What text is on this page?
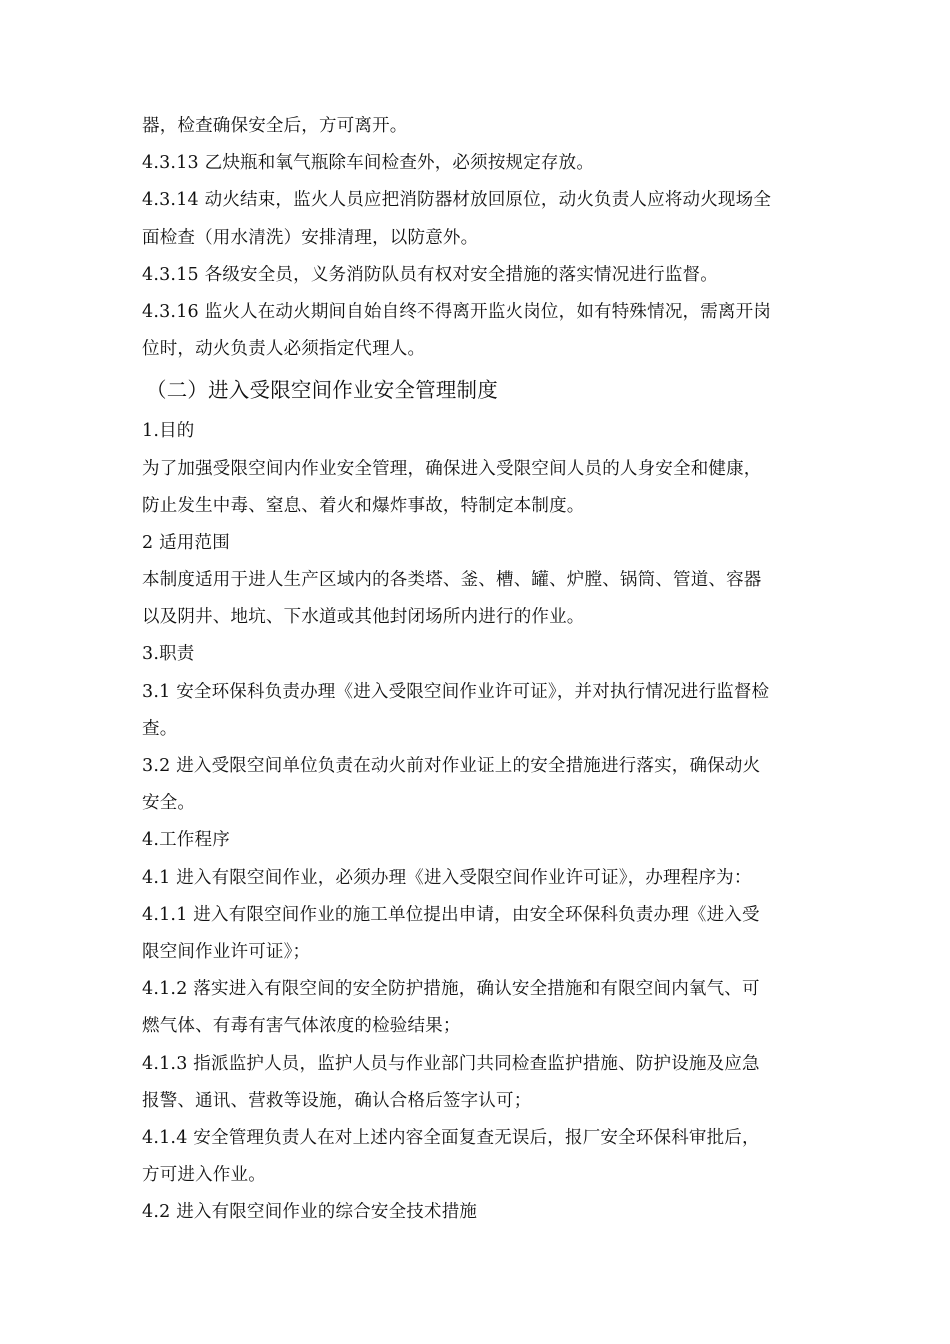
器，检查确保安全后，方可离开。
4.3.13 乙炔瓶和氧气瓶除车间检查外，必须按规定存放。
4.3.14 动火结束，监火人员应把消防器材放回原位，动火负责人应将动火现场全
面检查（用水清洗）安排清理，以防意外。
4.3.15 各级安全员，义务消防队员有权对安全措施的落实情况进行监督。
4.3.16 监火人在动火期间自始自终不得离开监火岗位，如有特殊情况，需离开岗
位时，动火负责人必须指定代理人。
（二）进入受限空间作业安全管理制度
1.目的
为了加强受限空间内作业安全管理，确保进入受限空间人员的人身安全和健康，
防止发生中毒、窒息、着火和爆炸事故，特制定本制度。
2 适用范围
本制度适用于进人生产区域内的各类塔、釜、槽、罐、炉膛、锅筒、管道、容器
以及阴井、地坑、下水道或其他封闭场所内进行的作业。
3.职责
3.1 安全环保科负责办理《进入受限空间作业许可证》，并对执行情况进行监督检
查。
3.2 进入受限空间单位负责在动火前对作业证上的安全措施进行落实，确保动火
安全。
4.工作程序
4.1 进入有限空间作业，必须办理《进入受限空间作业许可证》，办理程序为：
4.1.1 进入有限空间作业的施工单位提出申请，由安全环保科负责办理《进入受
限空间作业许可证》；
4.1.2 落实进入有限空间的安全防护措施，确认安全措施和有限空间内氧气、可
燃气体、有毒有害气体浓度的检验结果；
4.1.3 指派监护人员，监护人员与作业部门共同检查监护措施、防护设施及应急
报警、通讯、营救等设施，确认合格后签字认可；
4.1.4 安全管理负责人在对上述内容全面复查无误后，报厂安全环保科审批后，
方可进入作业。
4.2 进入有限空间作业的综合安全技术措施
